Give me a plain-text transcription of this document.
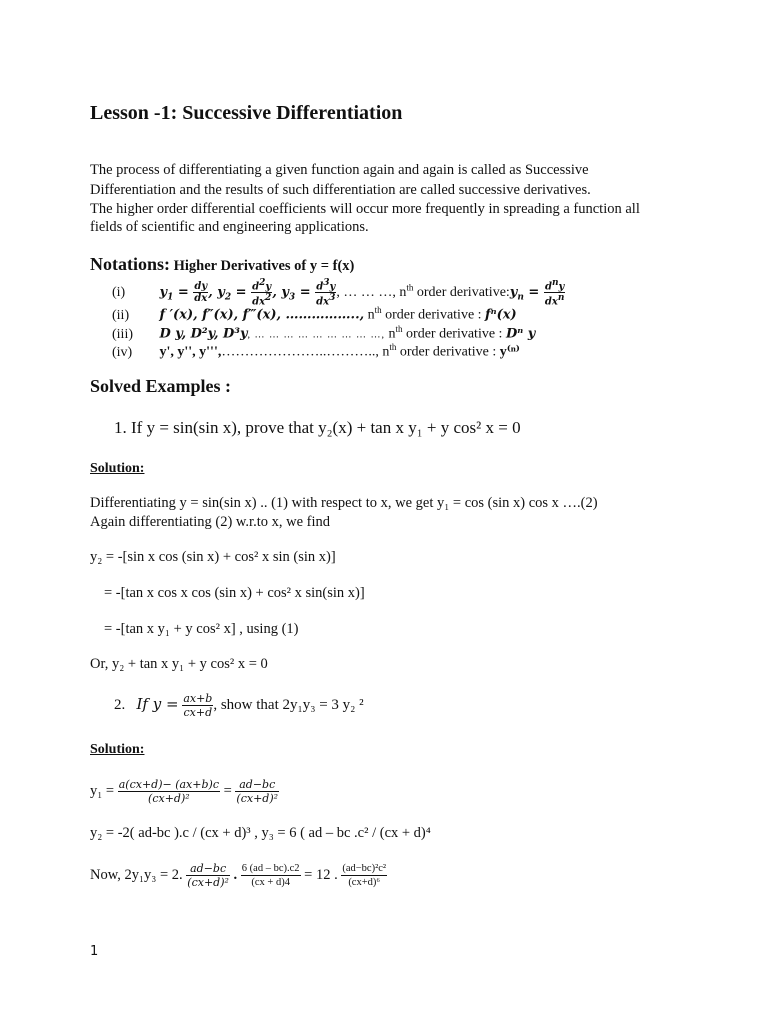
Lesson -1: Successive Differentiation
The process of differentiating a given function again and again is called as Successive
Differentiation and the results of such differentiation are called successive derivatives.
The higher order differential coefficients will occur more frequently in spreading a function all
fields of scientific and engineering applications.
Notations: Higher Derivatives of y = f(x)
(i)	$y_1 = \frac{dy}{dx}$ , $y_2 = \frac{d^2y}{dx^2}$ , $y_3 = \frac{d^3y}{dx^3}$ , … … …, $n^{th}$ order $derivative:y_n = \frac{d^ny}{dx^n}$
(ii) f ′(x), f″(x), f‴(x), …………….., $n^{th}$ order derivative : fⁿ(x)
(iii) D y, D²y, D³y, … … … … … … … … …, $n^{th}$ order derivative : Dⁿ y
(iv) y', y'', y''',…………………..……….., $n^{th}$ order derivative : y⁽ⁿ⁾
Solved Examples :
1. If y = sin(sin x), prove that y₂(x) + tan x y₁ + y cos² x = 0
Solution:
Differentiating y = sin(sin x) .. (1) with respect to x, we get y₁ = cos (sin x) cos x ….(2)
Again differentiating (2) w.r.to x, we find
y₂ = -[sin x cos (sin x) + cos² x sin (sin x)]
= -[tan x cos x cos (sin x) + cos² x sin(sin x)]
= -[tan x y₁ + y cos² x] , using (1)
Or, y₂ + tan x y₁ + y cos² x = 0
2. If $y = \frac{ax+b}{cx+d}$ , show that 2y₁y₃ = 3 y₂ ²
Solution:
$y_1 = \frac{a(cx+d)- (ax+b)c}{\text{(cx+d)²}} = \frac{ad-bc}{\text{(cx+d)²}}$
y₂ = -2( ad-bc ).c / (cx + d)³ , y₃ = 6 ( ad – bc .c² / (cx + d)⁴
Now, 2y₁y₃ = 2. $\frac{ad-bc}{\text{(cx+d)²}}$ . $\frac{6 (ad - bc).c2}{(cx + d)4} = 12$ . $\frac{\text{(ad−bc)²c²}}{\text{(cx+d)⁶}}$
1
